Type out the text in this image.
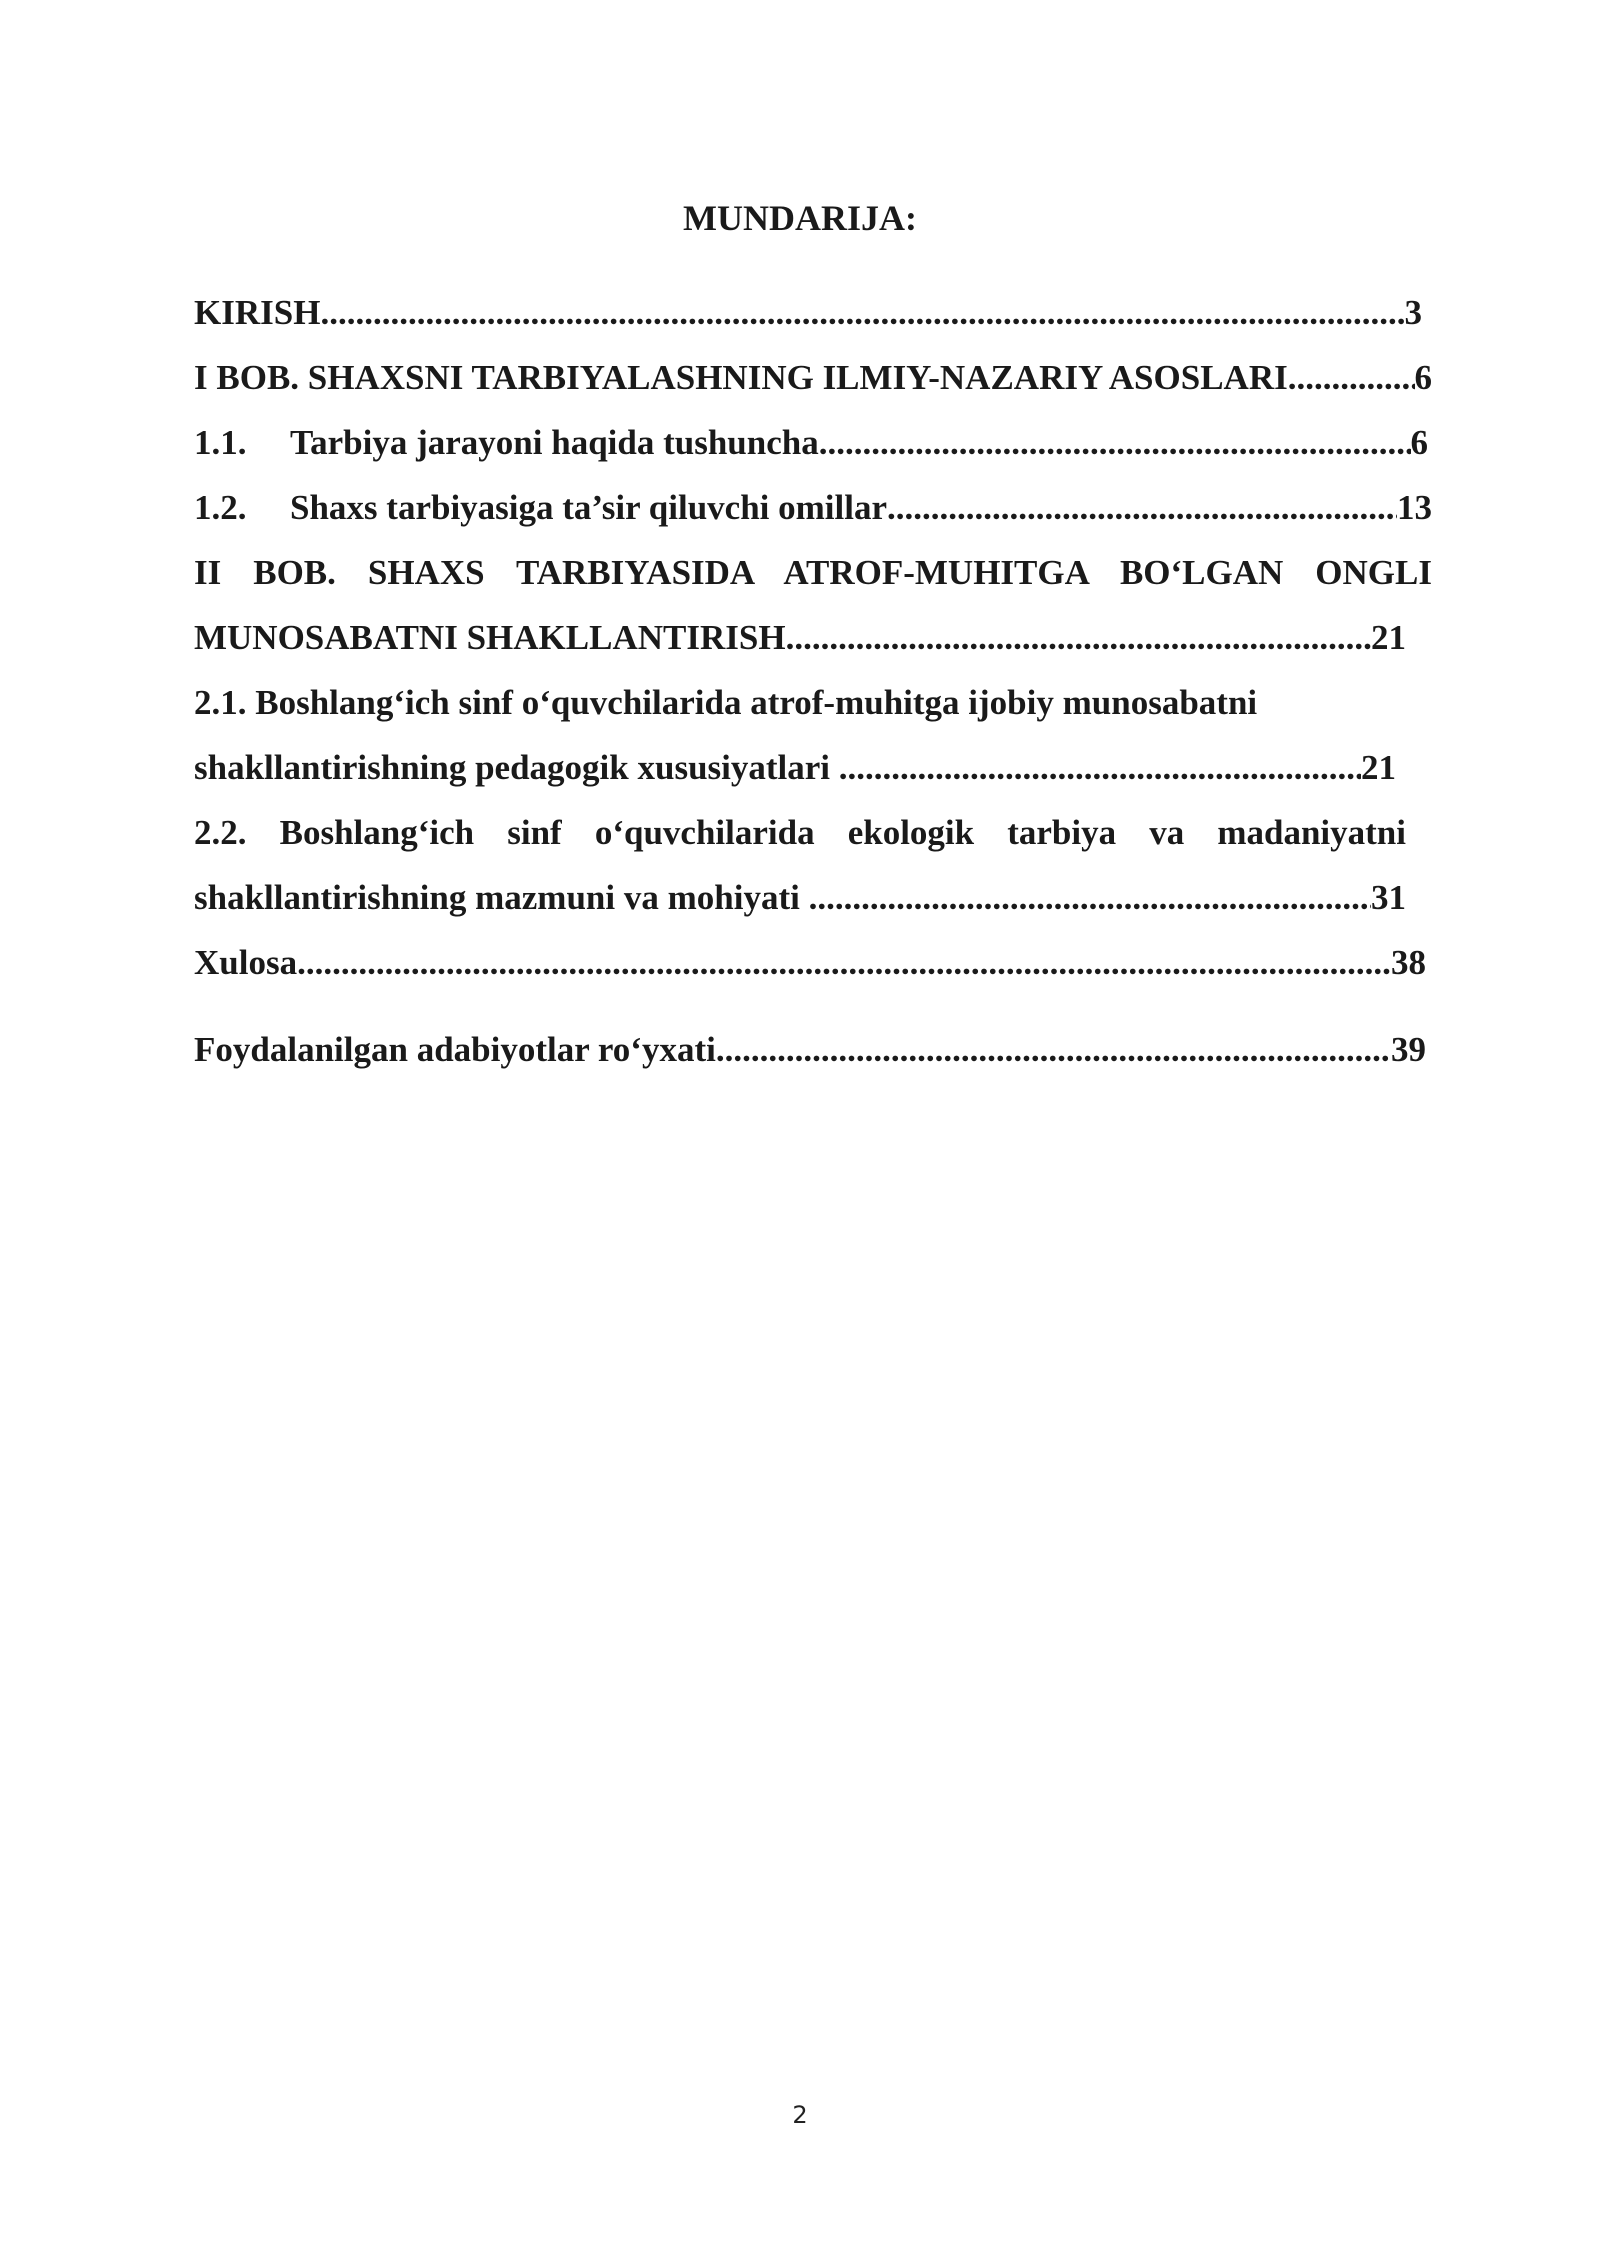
MUNDARIJA:
KIRISH .....	3
I BOB. SHAXSNI TARBIYALASHNING ILMIY-NAZARIY ASOSLARI .....	6
1.1.	Tarbiya jarayoni haqida tushuncha .....	6
1.2.	Shaxs tarbiyasiga ta’sir qiluvchi omillar .....	13
II BOB. SHAXS TARBIYASIDA ATROF-MUHITGA BO‘LGAN ONGLI
MUNOSABATNI SHAKLLANTIRISH .....	21
2.1. Boshlang‘ich sinf o‘quvchilarida atrof-muhitga ijobiy munosabatni
shakllantirishning pedagogik xususiyatlari .....	21
2.2. Boshlang‘ich sinf o‘quvchilarida ekologik tarbiya va madaniyatni
shakllantirishning mazmuni va mohiyati .....	31
Xulosa .....	38
Foydalanilgan adabiyotlar ro‘yxati .....	39
2
